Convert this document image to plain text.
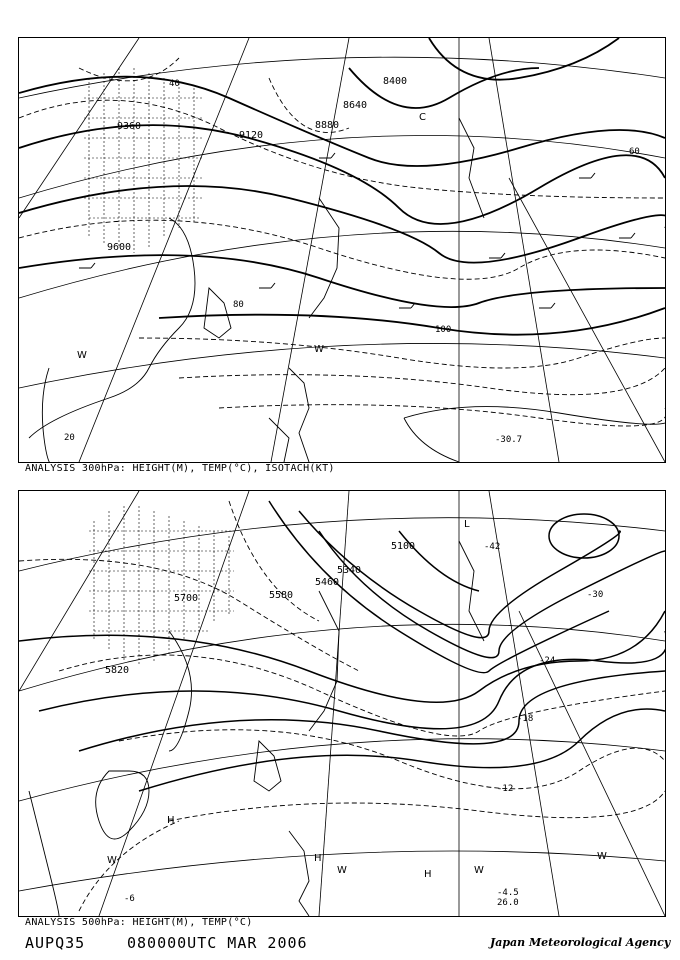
9360
9120
8880
8640
8400
9600
20
40
60
80
100
-30.7
C
W
W
ANALYSIS 300hPa: HEIGHT(M), TEMP(°C), ISOTACH(KT)
5820
5700	5580
5460
5340
5100
-6
-12
-18
-24
-30
-42
-4.5
26.0
L
H
H
H
W
W	W
W
ANALYSIS 500hPa: HEIGHT(M), TEMP(°C)
AUPQ35	080000UTC MAR 2006	Japan Meteorological Agency
